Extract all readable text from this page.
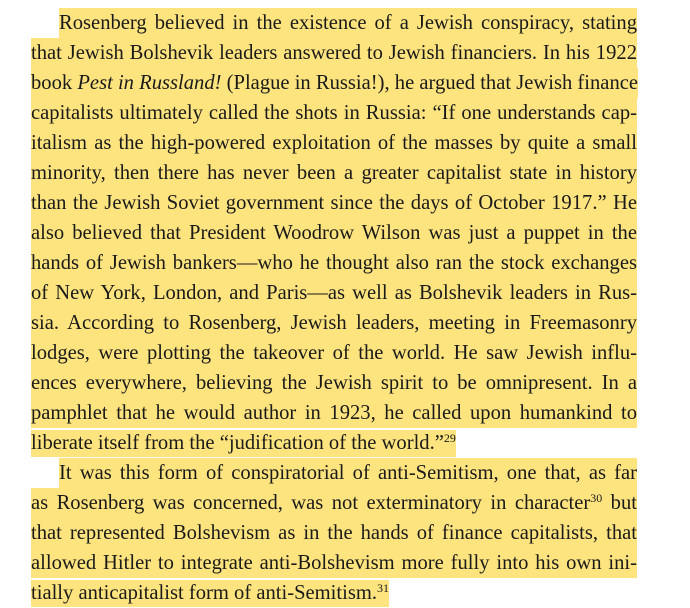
Rosenberg believed in the existence of a Jewish conspiracy, stating
that Jewish Bolshevik leaders answered to Jewish financiers. In his 1922
book Pest in Russland! (Plague in Russia!), he argued that Jewish finance
capitalists ultimately called the shots in Russia: “If one understands cap-
italism as the high-powered exploitation of the masses by quite a small
minority, then there has never been a greater capitalist state in history
than the Jewish Soviet government since the days of October 1917.” He
also believed that President Woodrow Wilson was just a puppet in the
hands of Jewish bankers—who he thought also ran the stock exchanges
of New York, London, and Paris—as well as Bolshevik leaders in Rus-
sia. According to Rosenberg, Jewish leaders, meeting in Freemasonry
lodges, were plotting the takeover of the world. He saw Jewish influ-
ences everywhere, believing the Jewish spirit to be omnipresent. In a
pamphlet that he would author in 1923, he called upon humankind to
liberate itself from the “judification of the world.”$^{29}$
It was this form of conspiratorial of anti-Semitism, one that, as far
as Rosenberg was concerned, was not exterminatory in character$^{30}$ but
that represented Bolshevism as in the hands of finance capitalists, that
allowed Hitler to integrate anti-Bolshevism more fully into his own ini-
tially anticapitalist form of anti-Semitism.$^{31}$
